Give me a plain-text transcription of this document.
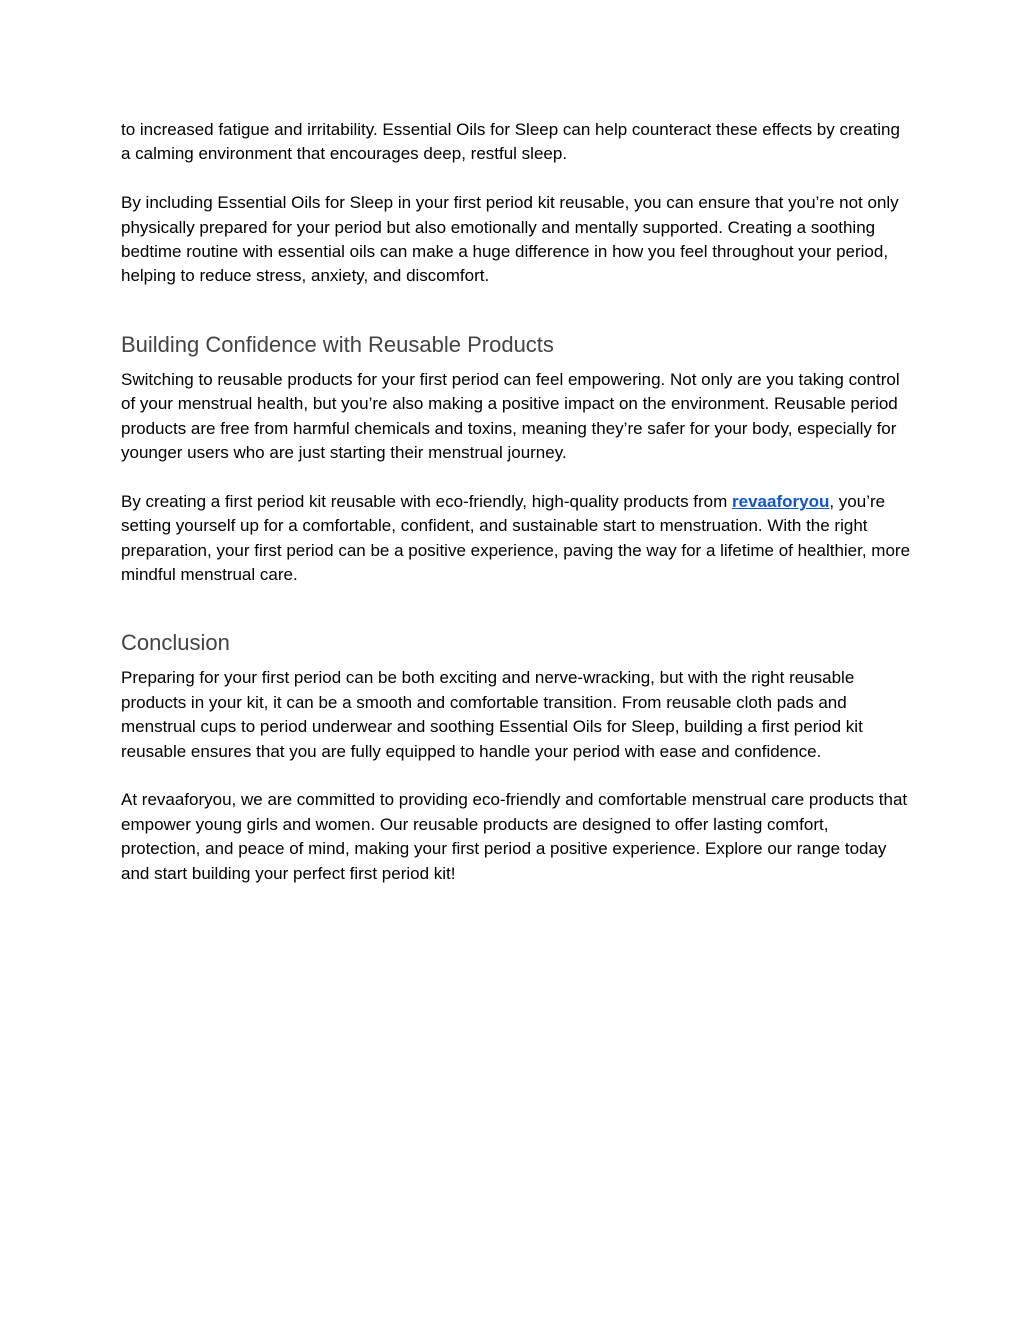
to increased fatigue and irritability. Essential Oils for Sleep can help counteract these effects by creating a calming environment that encourages deep, restful sleep.

By including Essential Oils for Sleep in your first period kit reusable, you can ensure that you’re not only physically prepared for your period but also emotionally and mentally supported. Creating a soothing bedtime routine with essential oils can make a huge difference in how you feel throughout your period, helping to reduce stress, anxiety, and discomfort.

Building Confidence with Reusable Products

Switching to reusable products for your first period can feel empowering. Not only are you taking control of your menstrual health, but you’re also making a positive impact on the environment. Reusable period products are free from harmful chemicals and toxins, meaning they’re safer for your body, especially for younger users who are just starting their menstrual journey.

By creating a first period kit reusable with eco-friendly, high-quality products from revaaforyou, you’re setting yourself up for a comfortable, confident, and sustainable start to menstruation. With the right preparation, your first period can be a positive experience, paving the way for a lifetime of healthier, more mindful menstrual care.

Conclusion

Preparing for your first period can be both exciting and nerve-wracking, but with the right reusable products in your kit, it can be a smooth and comfortable transition. From reusable cloth pads and menstrual cups to period underwear and soothing Essential Oils for Sleep, building a first period kit reusable ensures that you are fully equipped to handle your period with ease and confidence.

At revaaforyou, we are committed to providing eco-friendly and comfortable menstrual care products that empower young girls and women. Our reusable products are designed to offer lasting comfort, protection, and peace of mind, making your first period a positive experience. Explore our range today and start building your perfect first period kit!
